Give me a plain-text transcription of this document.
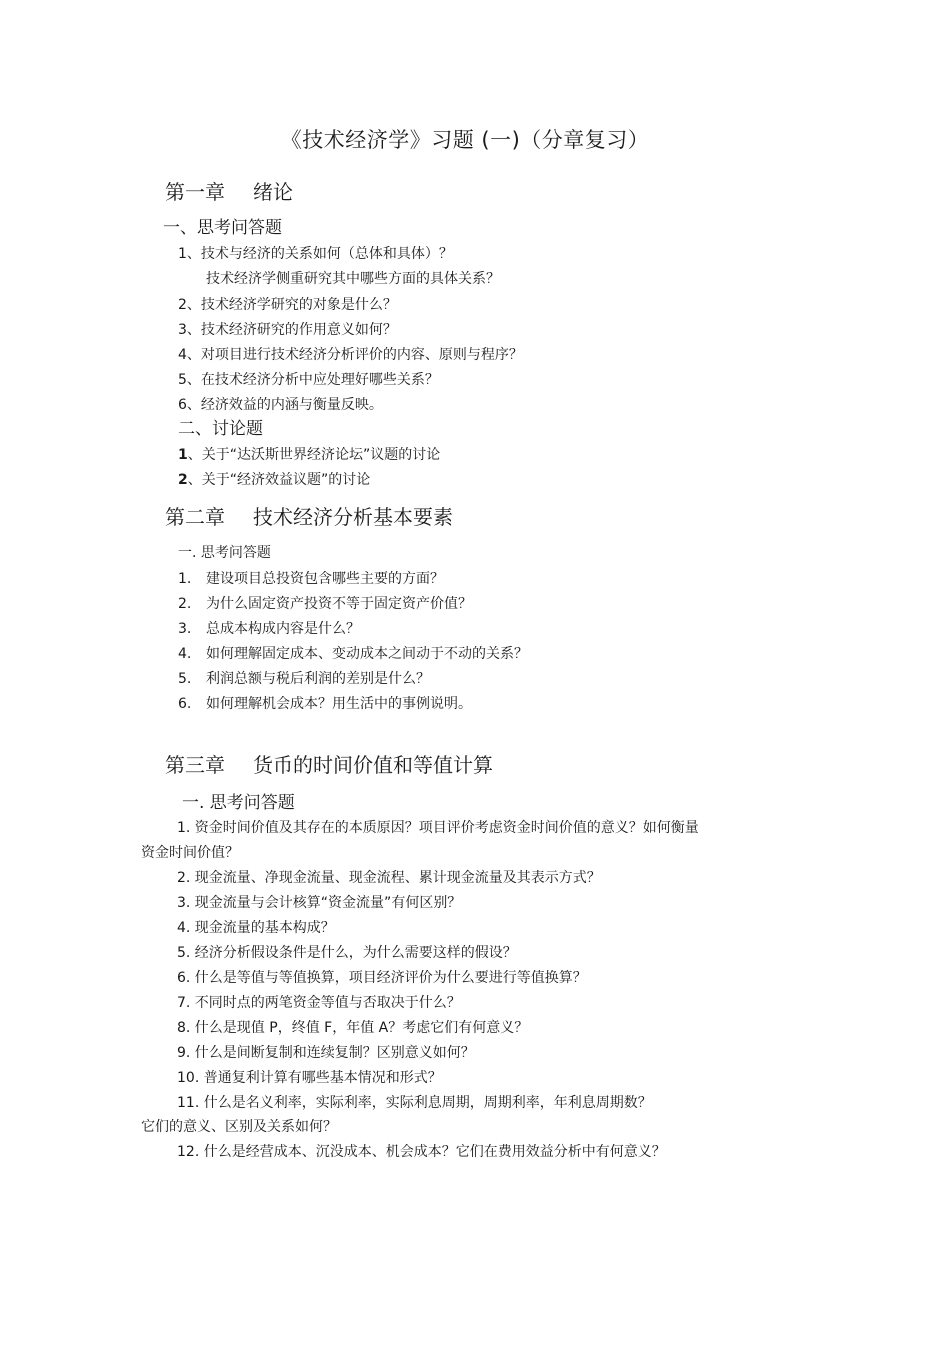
《技术经济学》习题 (一)（分章复习）
第一章 绪论
一、思考问答题
1、技术与经济的关系如何（总体和具体）？
技术经济学侧重研究其中哪些方面的具体关系？
2、技术经济学研究的对象是什么？
3、技术经济研究的作用意义如何？
4、对项目进行技术经济分析评价的内容、原则与程序？
5、在技术经济分析中应处理好哪些关系？
6、经济效益的内涵与衡量反映。
二、讨论题
1、关于“达沃斯世界经济论坛”议题的讨论
2、关于“经济效益议题”的讨论
第二章 技术经济分析基本要素
一. 思考问答题
1. 建设项目总投资包含哪些主要的方面？
2. 为什么固定资产投资不等于固定资产价值？
3. 总成本构成内容是什么？
4. 如何理解固定成本、变动成本之间动于不动的关系？
5. 利润总额与税后利润的差别是什么？
6. 如何理解机会成本？用生活中的事例说明。
第三章 货币的时间价值和等值计算
一. 思考问答题
1. 资金时间价值及其存在的本质原因？项目评价考虑资金时间价值的意义？如何衡量
资金时间价值？
2. 现金流量、净现金流量、现金流程、累计现金流量及其表示方式？
3. 现金流量与会计核算“资金流量”有何区别？
4. 现金流量的基本构成？
5. 经济分析假设条件是什么，为什么需要这样的假设？
6. 什么是等值与等值换算，项目经济评价为什么要进行等值换算？
7. 不同时点的两笔资金等值与否取决于什么？
8. 什么是现值 P，终值 F，年值 A？考虑它们有何意义？
9. 什么是间断复制和连续复制？区别意义如何？
10. 普通复利计算有哪些基本情况和形式？
11. 什么是名义利率，实际利率，实际利息周期，周期利率，年利息周期数？
它们的意义、区别及关系如何？
12. 什么是经营成本、沉没成本、机会成本？它们在费用效益分析中有何意义？
